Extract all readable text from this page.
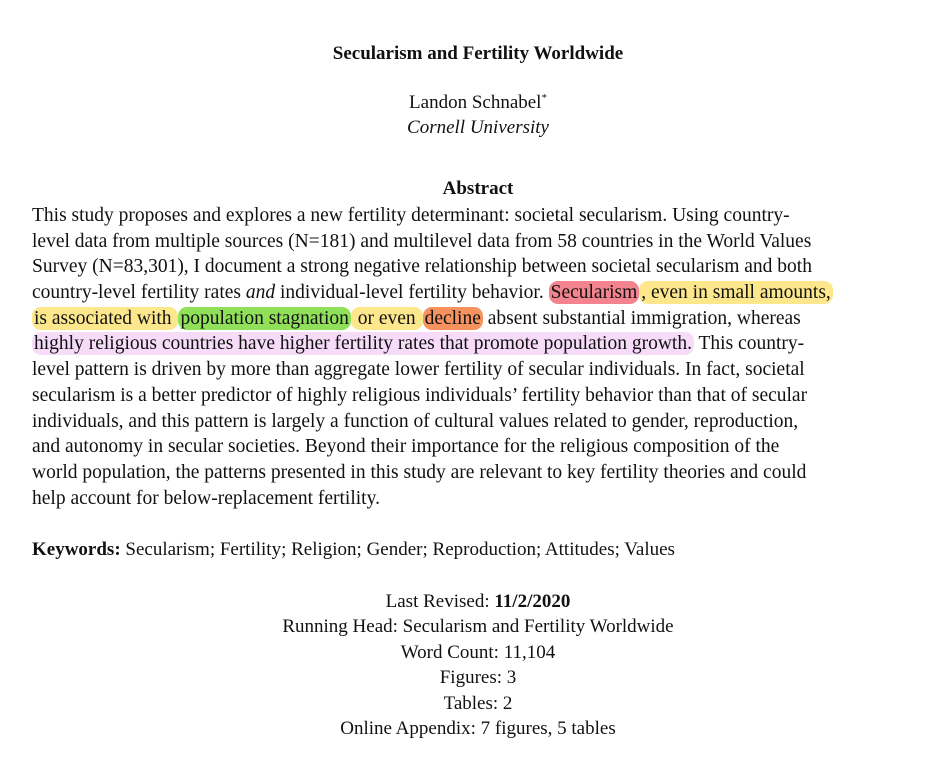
Secularism and Fertility Worldwide
Landon Schnabel*
Cornell University
Abstract
This study proposes and explores a new fertility determinant: societal secularism. Using country-
level data from multiple sources (N=181) and multilevel data from 58 countries in the World Values
Survey (N=83,301), I document a strong negative relationship between societal secularism and both
country-level fertility rates and individual-level fertility behavior. Secularism , even in small amounts,
is associated with population stagnation or even decline absent substantial immigration, whereas
highly religious countries have higher fertility rates that promote population growth. This country-
level pattern is driven by more than aggregate lower fertility of secular individuals. In fact, societal
secularism is a better predictor of highly religious individuals’ fertility behavior than that of secular
individuals, and this pattern is largely a function of cultural values related to gender, reproduction,
and autonomy in secular societies. Beyond their importance for the religious composition of the
world population, the patterns presented in this study are relevant to key fertility theories and could
help account for below-replacement fertility.
Keywords: Secularism; Fertility; Religion; Gender; Reproduction; Attitudes; Values
Last Revised: 11/2/2020
Running Head: Secularism and Fertility Worldwide
Word Count: 11,104
Figures: 3
Tables: 2
Online Appendix: 7 figures, 5 tables
